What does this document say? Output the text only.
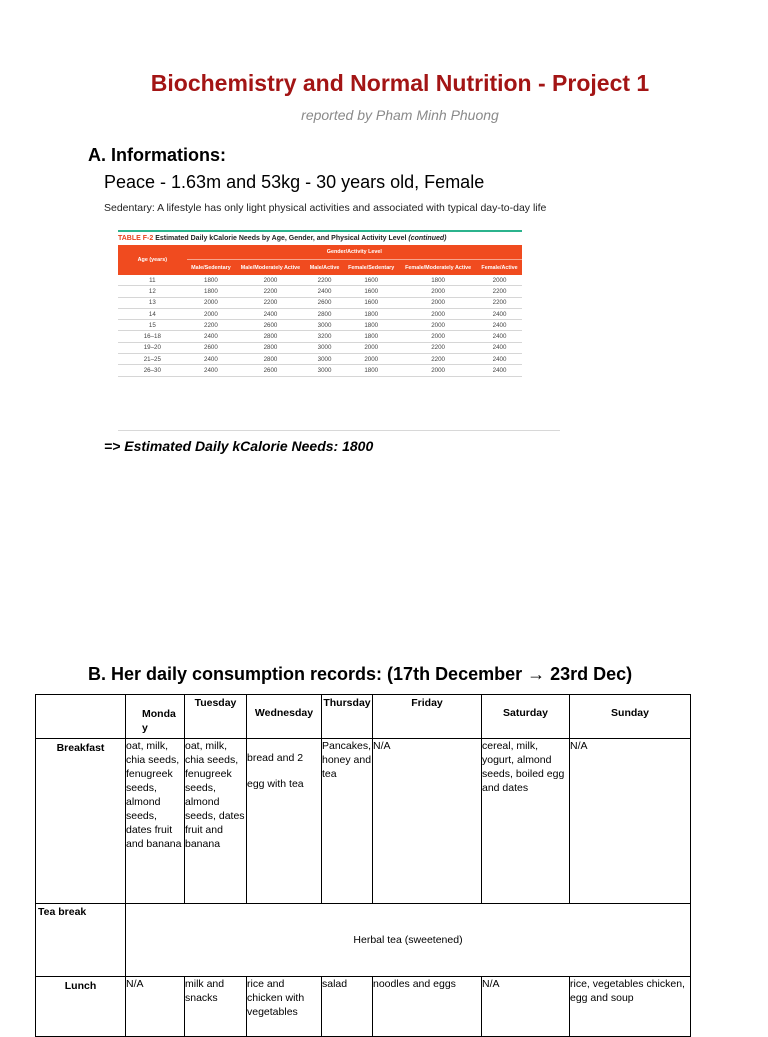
Biochemistry and Normal Nutrition - Project 1
reported by Pham Minh Phuong
A. Informations:
Peace - 1.63m and 53kg - 30 years old, Female
Sedentary: A lifestyle has only light physical activities and associated with typical day-to-day life
TABLE F-2 Estimated Daily kCalorie Needs by Age, Gender, and Physical Activity Level (continued)
Age (years)	Gender/Activity Level					
	Male/Sedentary	Male/Moderately Active	Male/Active	Female/Sedentary	Female/Moderately Active	Female/Active
11	1800	2000	2200	1600	1800	2000
12	1800	2200	2400	1600	2000	2200
13	2000	2200	2600	1600	2000	2200
14	2000	2400	2800	1800	2000	2400
15	2200	2600	3000	1800	2000	2400
16–18	2400	2800	3200	1800	2000	2400
19–20	2600	2800	3000	2000	2200	2400
21–25	2400	2800	3000	2000	2200	2400
26–30	2400	2600	3000	1800	2000	2400
=> Estimated Daily kCalorie Needs: 1800
B. Her daily consumption records: (17th December → 23rd Dec)
	Monda y	Tuesday	Wednesday	Thursday	Friday	Saturday	Sunday
Breakfast	oat, milk, chia seeds, fenugreek seeds, almond seeds, dates fruit and banana	oat, milk, chia seeds, fenugreek seeds, almond seeds, dates fruit and banana	bread and 2 egg with tea	Pancakes, honey and tea	N/A	cereal, milk, yogurt, almond seeds, boiled egg and dates	N/A
Tea break	Herbal tea (sweetened)						
Lunch	N/A	milk and snacks	rice and chicken with vegetables	salad	noodles and eggs	N/A	rice, vegetables chicken, egg and soup
